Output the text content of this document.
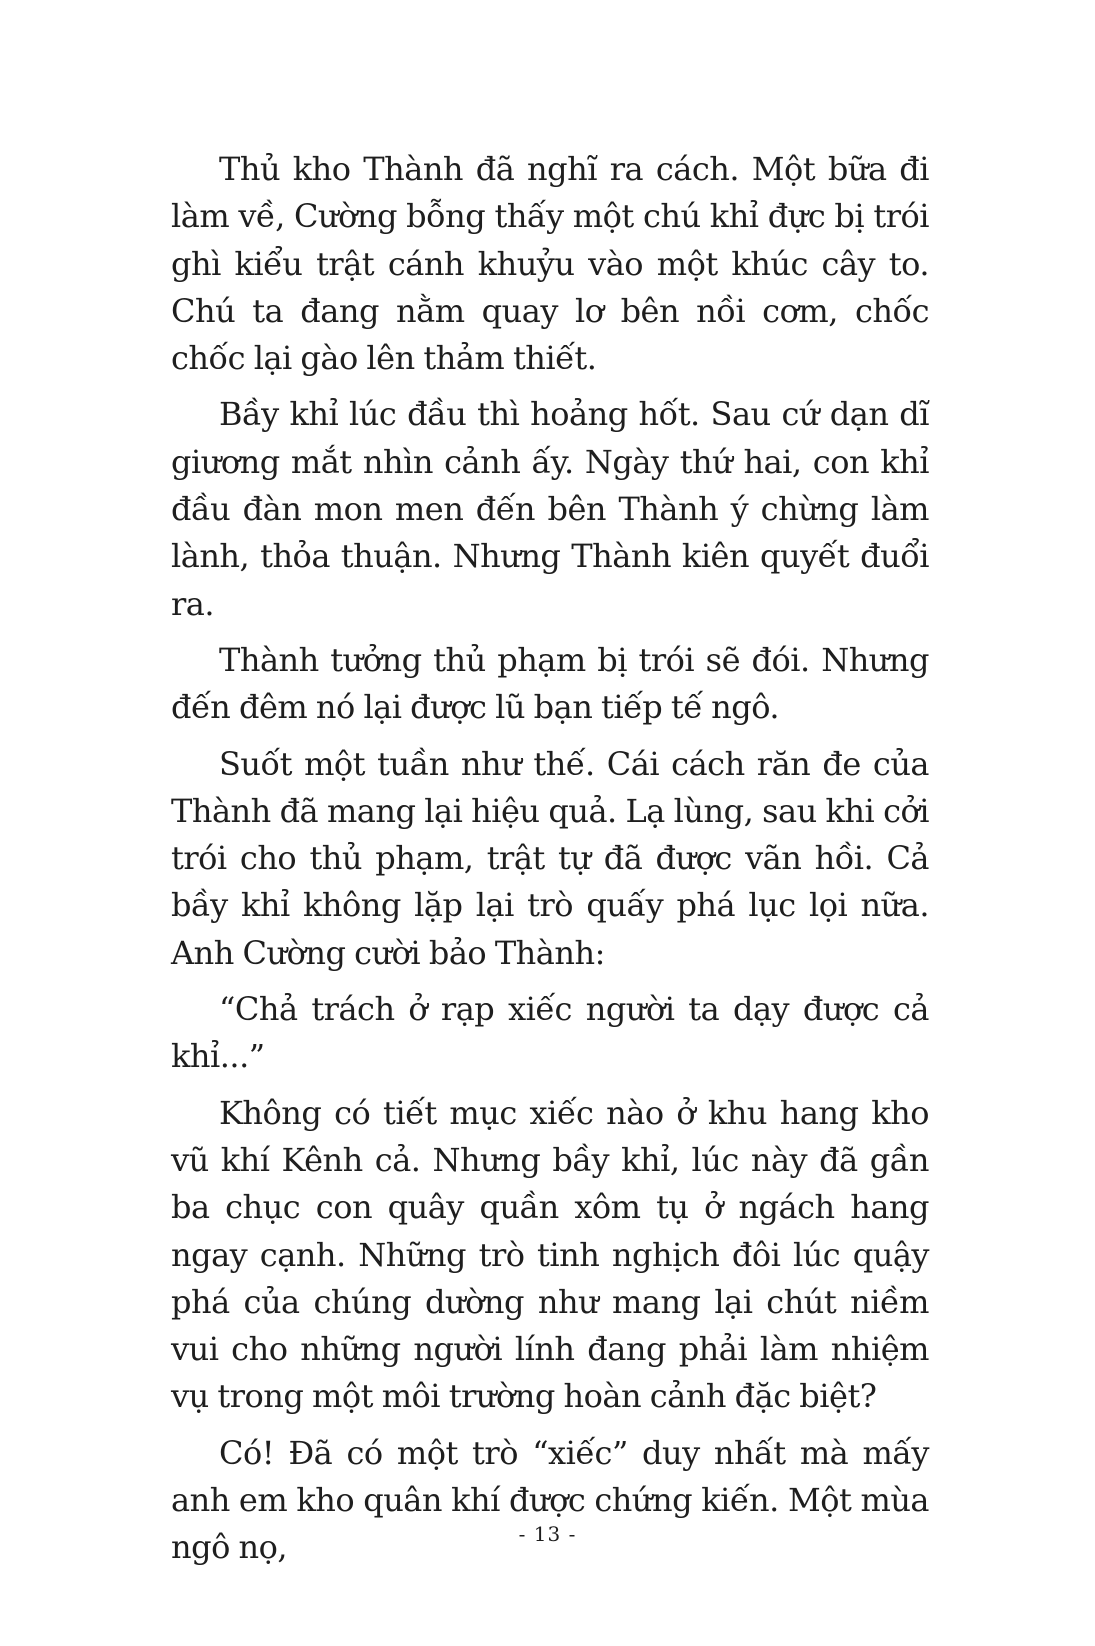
Thủ kho Thành đã nghĩ ra cách. Một bữa đi làm về, Cường bỗng thấy một chú khỉ đực bị trói ghì kiểu trật cánh khuỷu vào một khúc cây to. Chú ta đang nằm quay lơ bên nồi cơm, chốc chốc lại gào lên thảm thiết.

Bầy khỉ lúc đầu thì hoảng hốt. Sau cứ dạn dĩ giương mắt nhìn cảnh ấy. Ngày thứ hai, con khỉ đầu đàn mon men đến bên Thành ý chừng làm lành, thỏa thuận. Nhưng Thành kiên quyết đuổi ra.

Thành tưởng thủ phạm bị trói sẽ đói. Nhưng đến đêm nó lại được lũ bạn tiếp tế ngô.

Suốt một tuần như thế. Cái cách răn đe của Thành đã mang lại hiệu quả. Lạ lùng, sau khi cởi trói cho thủ phạm, trật tự đã được vãn hồi. Cả bầy khỉ không lặp lại trò quấy phá lục lọi nữa. Anh Cường cười bảo Thành:

“Chả trách ở rạp xiếc người ta dạy được cả khỉ...”

Không có tiết mục xiếc nào ở khu hang kho vũ khí Kênh cả. Nhưng bầy khỉ, lúc này đã gần ba chục con quây quần xôm tụ ở ngách hang ngay cạnh. Những trò tinh nghịch đôi lúc quậy phá của chúng dường như mang lại chút niềm vui cho những người lính đang phải làm nhiệm vụ trong một môi trường hoàn cảnh đặc biệt?

Có! Đã có một trò “xiếc” duy nhất mà mấy anh em kho quân khí được chứng kiến. Một mùa ngô nọ,	- 13 -
